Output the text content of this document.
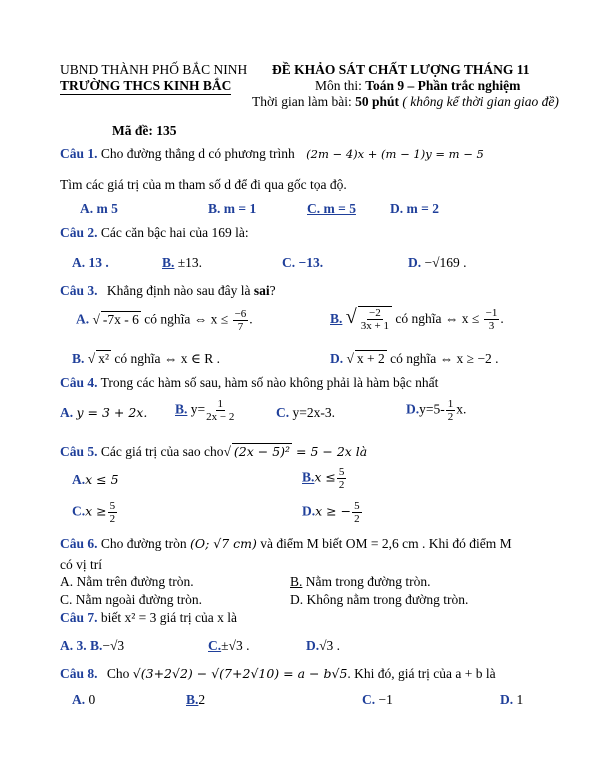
UBND THÀNH PHỐ BẮC NINH
TRƯỜNG THCS KINH BẮC
ĐỀ KHẢO SÁT CHẤT LƯỢNG THÁNG 11
Môn thi: Toán 9 – Phần trắc nghiệm
Thời gian làm bài: 50 phút ( không kể thời gian giao đề)
Mã đề: 135
Câu 1. Cho đường thẳng d có phương trình (2m − 4)x + (m − 1)y = m − 5
Tìm các giá trị của m tham số d để đi qua gốc tọa độ.
A. m 5	B. m = 1	C. m = 5	D. m = 2
Câu 2. Các căn bậc hai của 169 là:
A. 13 .	B. ±13.	C. −13.	D. −√169 .
Câu 3. Khẳng định nào sau đây là sai?
A. √ -7x - 6 có nghĩa ⇔ $x \le \frac{-6}{7}$ .	B. √ $\frac{-2}{3x + 1}$ có nghĩa ⇔ $x \le \frac{-1}{3}$ .
B. √ x² có nghĩa ⇔ x ∈ R .	D. √ x + 2 có nghĩa ⇔ x ≥ −2 .
Câu 4. Trong các hàm số sau, hàm số nào không phải là hàm bậc nhất
A. y = 3 + 2x. B. $y= \frac{1}{2x - 2}$	C. y=2x-3.	$D.y=5- \frac{1}{2} x$.
Câu 5. Các giá trị của sao cho √ (2x − 5)² = 5 − 2x là
A.x ≤ 5	$B.x \le \frac{5}{2}$
$C.x \ge \frac{5}{2}$	D.x ≥ − $\frac{5}{2}$
Câu 6. Cho đường tròn (O; √7 cm) và điểm M biết OM = 2,6 cm . Khi đó điểm M
có vị trí
A. Nằm trên đường tròn.	B. Nằm trong đường tròn.
C. Nằm ngoài đường tròn.	D. Không nằm trong đường tròn.
Câu 7. biết x² = 3 giá trị của x là
A. 3. B.−√3	C.±√3 .	D.√3 .
Câu 8. Cho √(3+2√2) − √(7+2√10) = a − b√5. Khi đó, giá trị của a + b là
A. 0	B.2	C. −1	D. 1
